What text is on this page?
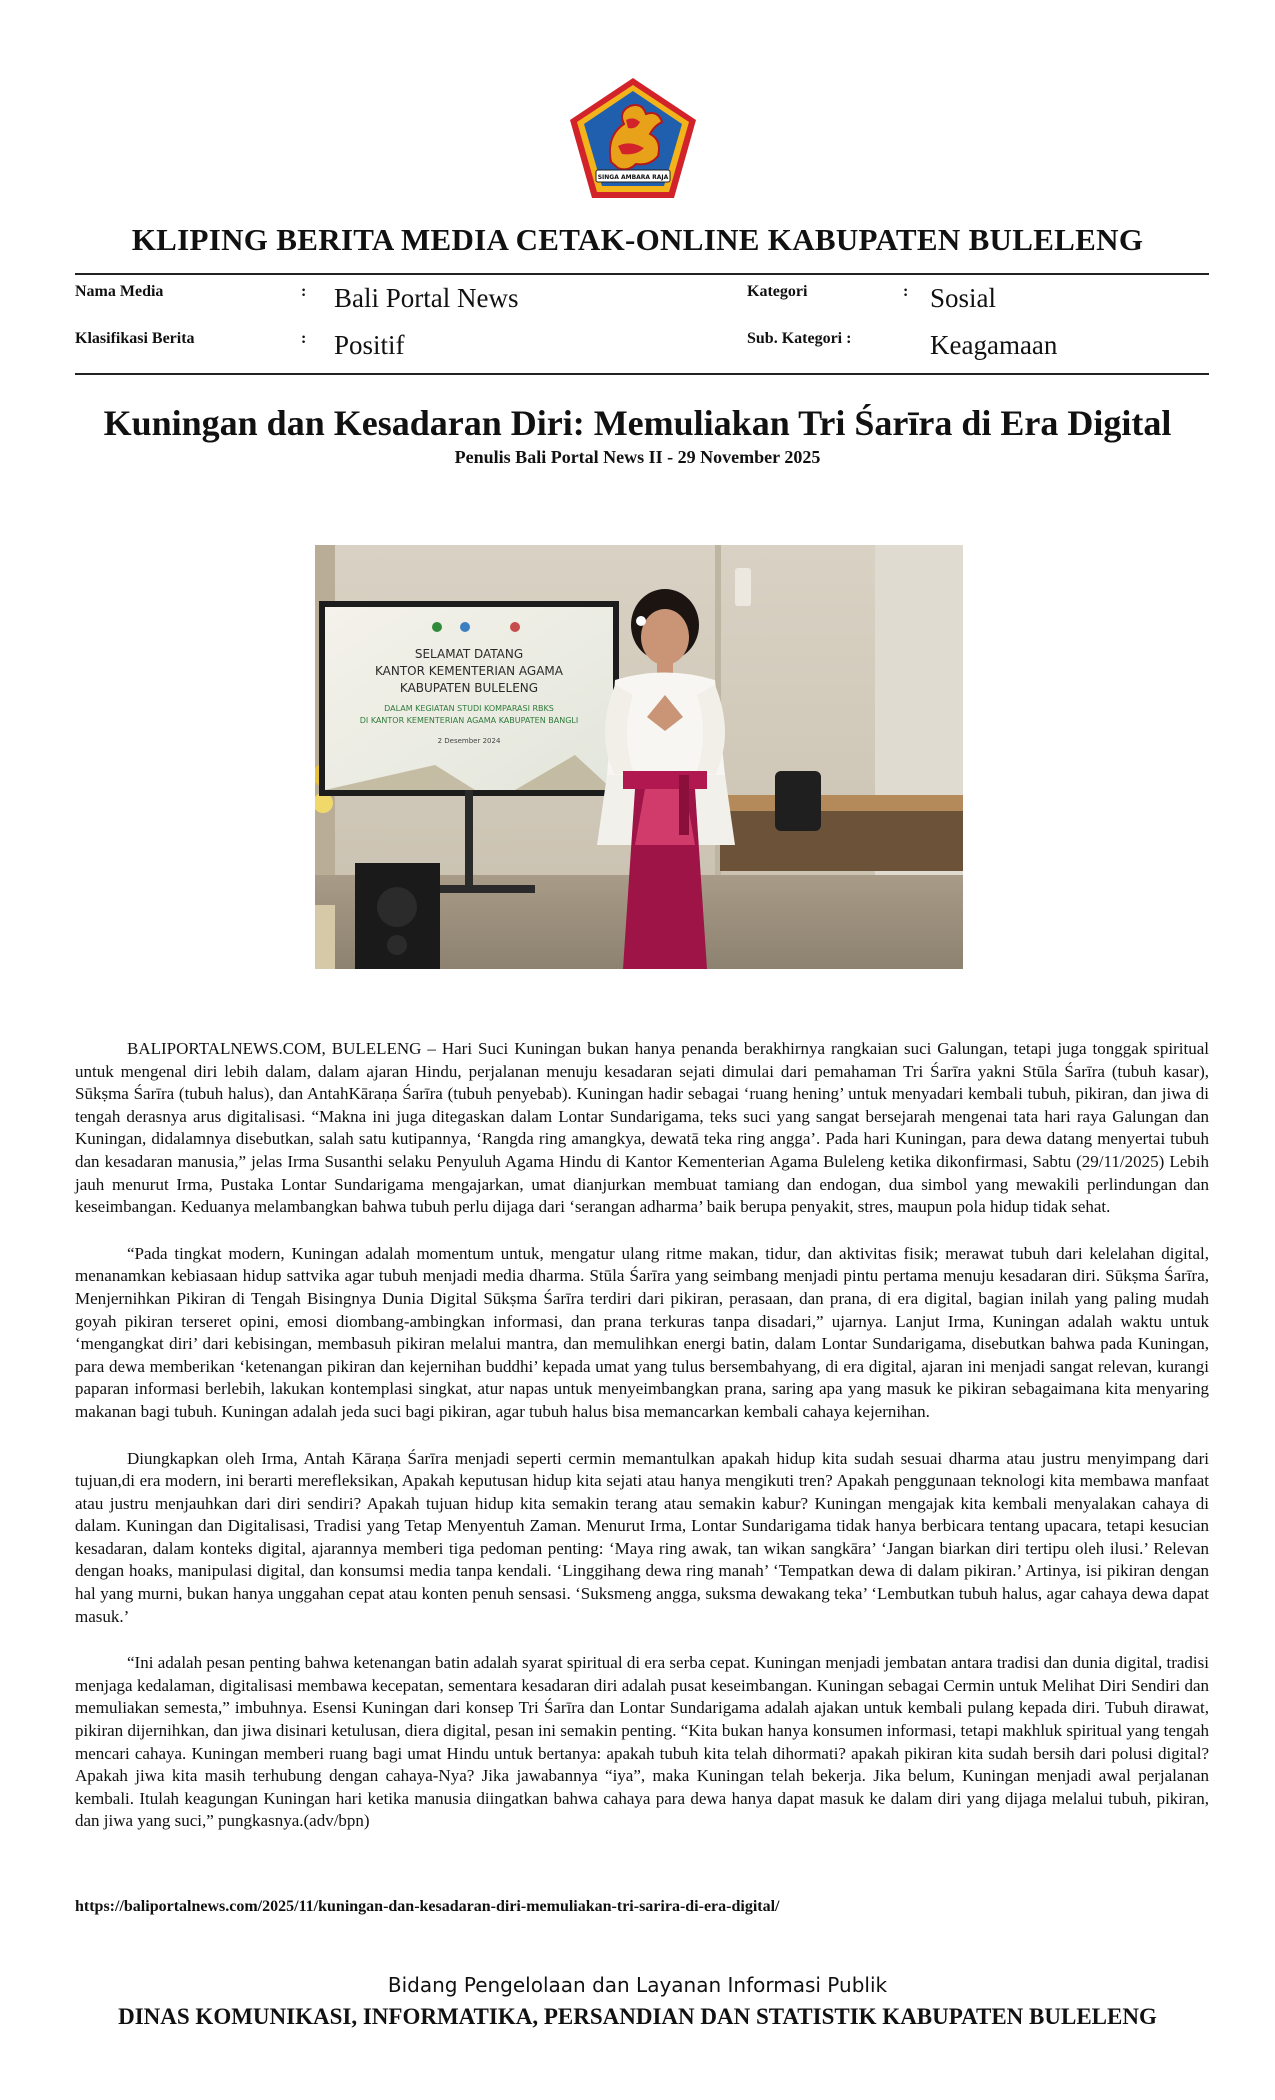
SINGA AMBARA RAJA
KLIPING BERITA MEDIA CETAK-ONLINE KABUPATEN BULELENG
Nama Media	: Bali Portal News	Kategori	: Sosial
Klasifikasi Berita	: Positif	Sub. Kategori :	Keagamaan
Kuningan dan Kesadaran Diri: Memuliakan Tri Śarīra di Era Digital
Penulis Bali Portal News II - 29 November 2025
SELAMAT DATANG
KANTOR KEMENTERIAN AGAMA
KABUPATEN BULELENG
DALAM KEGIATAN STUDI KOMPARASI RBKS
DI KANTOR KEMENTERIAN AGAMA KABUPATEN BANGLI
2 Desember 2024

BALIPORTALNEWS.COM, BULELENG – Hari Suci Kuningan bukan hanya penanda berakhirnya rangkaian suci Galungan, tetapi juga tonggak spiritual untuk mengenal diri lebih dalam, dalam ajaran Hindu, perjalanan menuju kesadaran sejati dimulai dari pemahaman Tri Śarīra yakni Stūla Śarīra (tubuh kasar), Sūkṣma Śarīra (tubuh halus), dan AntahKāraṇa Śarīra (tubuh penyebab). Kuningan hadir sebagai ‘ruang hening’ untuk menyadari kembali tubuh, pikiran, dan jiwa di tengah derasnya arus digitalisasi. “Makna ini juga ditegaskan dalam Lontar Sundarigama, teks suci yang sangat bersejarah mengenai tata hari raya Galungan dan Kuningan, didalamnya disebutkan, salah satu kutipannya, ‘Rangda ring amangkya, dewatā teka ring angga’. Pada hari Kuningan, para dewa datang menyertai tubuh dan kesadaran manusia,” jelas Irma Susanthi selaku Penyuluh Agama Hindu di Kantor Kementerian Agama Buleleng ketika dikonfirmasi, Sabtu (29/11/2025) Lebih jauh menurut Irma, Pustaka Lontar Sundarigama mengajarkan, umat dianjurkan membuat tamiang dan endogan, dua simbol yang mewakili perlindungan dan keseimbangan. Keduanya melambangkan bahwa tubuh perlu dijaga dari ‘serangan adharma’ baik berupa penyakit, stres, maupun pola hidup tidak sehat.

“Pada tingkat modern, Kuningan adalah momentum untuk, mengatur ulang ritme makan, tidur, dan aktivitas fisik; merawat tubuh dari kelelahan digital, menanamkan kebiasaan hidup sattvika agar tubuh menjadi media dharma. Stūla Śarīra yang seimbang menjadi pintu pertama menuju kesadaran diri. Sūkṣma Śarīra, Menjernihkan Pikiran di Tengah Bisingnya Dunia Digital Sūkṣma Śarīra terdiri dari pikiran, perasaan, dan prana, di era digital, bagian inilah yang paling mudah goyah pikiran terseret opini, emosi diombang-ambingkan informasi, dan prana terkuras tanpa disadari,” ujarnya. Lanjut Irma, Kuningan adalah waktu untuk ‘mengangkat diri’ dari kebisingan, membasuh pikiran melalui mantra, dan memulihkan energi batin, dalam Lontar Sundarigama, disebutkan bahwa pada Kuningan, para dewa memberikan ‘ketenangan pikiran dan kejernihan buddhi’ kepada umat yang tulus bersembahyang, di era digital, ajaran ini menjadi sangat relevan, kurangi paparan informasi berlebih, lakukan kontemplasi singkat, atur napas untuk menyeimbangkan prana, saring apa yang masuk ke pikiran sebagaimana kita menyaring makanan bagi tubuh. Kuningan adalah jeda suci bagi pikiran, agar tubuh halus bisa memancarkan kembali cahaya kejernihan.

Diungkapkan oleh Irma, Antah Kāraṇa Śarīra menjadi seperti cermin memantulkan apakah hidup kita sudah sesuai dharma atau justru menyimpang dari tujuan,di era modern, ini berarti merefleksikan, Apakah keputusan hidup kita sejati atau hanya mengikuti tren? Apakah penggunaan teknologi kita membawa manfaat atau justru menjauhkan dari diri sendiri? Apakah tujuan hidup kita semakin terang atau semakin kabur? Kuningan mengajak kita kembali menyalakan cahaya di dalam. Kuningan dan Digitalisasi, Tradisi yang Tetap Menyentuh Zaman. Menurut Irma, Lontar Sundarigama tidak hanya berbicara tentang upacara, tetapi kesucian kesadaran, dalam konteks digital, ajarannya memberi tiga pedoman penting: ‘Maya ring awak, tan wikan sangkāra’ ‘Jangan biarkan diri tertipu oleh ilusi.’ Relevan dengan hoaks, manipulasi digital, dan konsumsi media tanpa kendali. ‘Linggihang dewa ring manah’ ‘Tempatkan dewa di dalam pikiran.’ Artinya, isi pikiran dengan hal yang murni, bukan hanya unggahan cepat atau konten penuh sensasi. ‘Suksmeng angga, suksma dewakang teka’ ‘Lembutkan tubuh halus, agar cahaya dewa dapat masuk.’

“Ini adalah pesan penting bahwa ketenangan batin adalah syarat spiritual di era serba cepat. Kuningan menjadi jembatan antara tradisi dan dunia digital, tradisi menjaga kedalaman, digitalisasi membawa kecepatan, sementara kesadaran diri adalah pusat keseimbangan. Kuningan sebagai Cermin untuk Melihat Diri Sendiri dan memuliakan semesta,” imbuhnya. Esensi Kuningan dari konsep Tri Śarīra dan Lontar Sundarigama adalah ajakan untuk kembali pulang kepada diri. Tubuh dirawat, pikiran dijernihkan, dan jiwa disinari ketulusan, diera digital, pesan ini semakin penting. “Kita bukan hanya konsumen informasi, tetapi makhluk spiritual yang tengah mencari cahaya. Kuningan memberi ruang bagi umat Hindu untuk bertanya: apakah tubuh kita telah dihormati? apakah pikiran kita sudah bersih dari polusi digital? Apakah jiwa kita masih terhubung dengan cahaya-Nya? Jika jawabannya “iya”, maka Kuningan telah bekerja. Jika belum, Kuningan menjadi awal perjalanan kembali. Itulah keagungan Kuningan hari ketika manusia diingatkan bahwa cahaya para dewa hanya dapat masuk ke dalam diri yang dijaga melalui tubuh, pikiran, dan jiwa yang suci,” pungkasnya.(adv/bpn)

https://baliportalnews.com/2025/11/kuningan-dan-kesadaran-diri-memuliakan-tri-sarira-di-era-digital/
Bidang Pengelolaan dan Layanan Informasi Publik
DINAS KOMUNIKASI, INFORMATIKA, PERSANDIAN DAN STATISTIK KABUPATEN BULELENG
